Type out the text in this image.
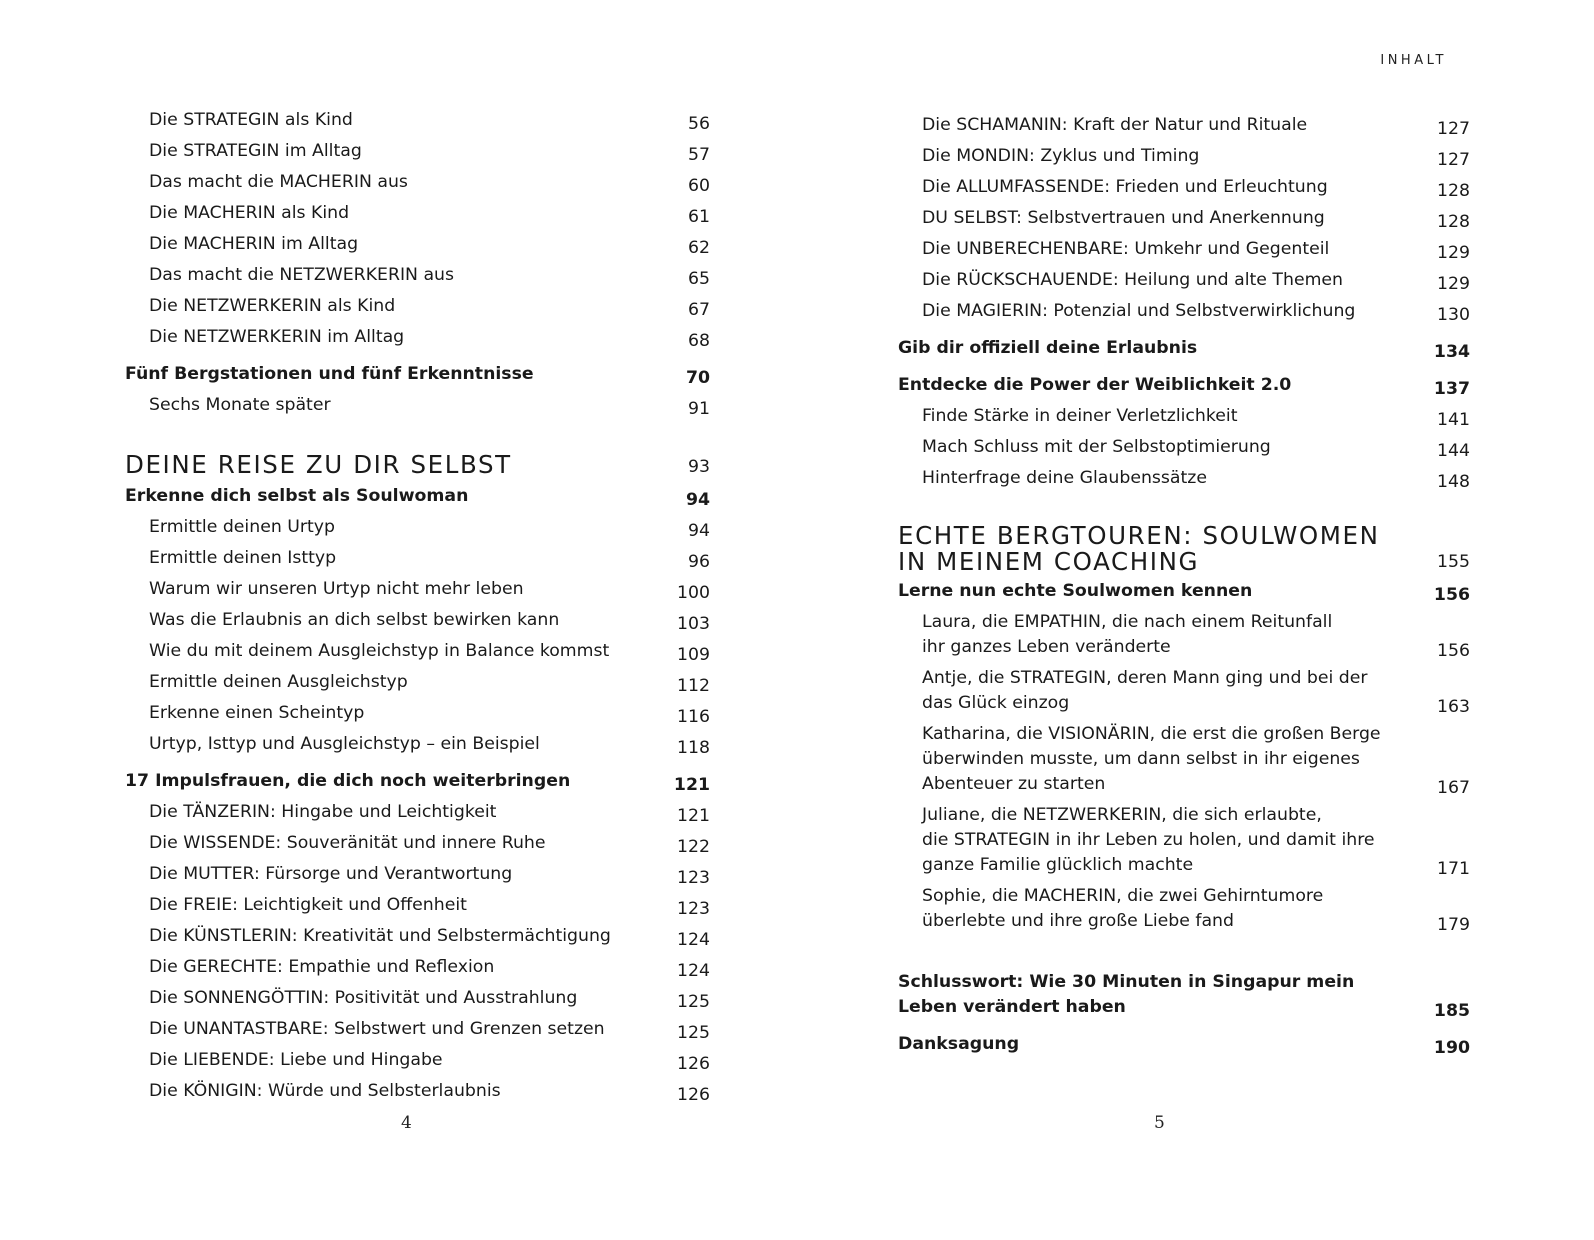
Die STRATEGIN als Kind	56
Die STRATEGIN im Alltag	57
Das macht die MACHERIN aus	60
Die MACHERIN als Kind	61
Die MACHERIN im Alltag	62
Das macht die NETZWERKERIN aus	65
Die NETZWERKERIN als Kind	67
Die NETZWERKERIN im Alltag	68
Fünf Bergstationen und fünf Erkenntnisse	70
Sechs Monate später	91
DEINE REISE ZU DIR SELBST	93
Erkenne dich selbst als Soulwoman	94
Ermittle deinen Urtyp	94
Ermittle deinen Isttyp	96
Warum wir unseren Urtyp nicht mehr leben	100
Was die Erlaubnis an dich selbst bewirken kann	103
Wie du mit deinem Ausgleichstyp in Balance kommst	109
Ermittle deinen Ausgleichstyp	112
Erkenne einen Scheintyp	116
Urtyp, Isttyp und Ausgleichstyp – ein Beispiel	118
17 Impulsfrauen, die dich noch weiterbringen	121
Die TÄNZERIN: Hingabe und Leichtigkeit	121
Die WISSENDE: Souveränität und innere Ruhe	122
Die MUTTER: Fürsorge und Verantwortung	123
Die FREIE: Leichtigkeit und Offenheit	123
Die KÜNSTLERIN: Kreativität und Selbstermächtigung	124
Die GERECHTE: Empathie und Reflexion	124
Die SONNENGÖTTIN: Positivität und Ausstrahlung	125
Die UNANTASTBARE: Selbstwert und Grenzen setzen	125
Die LIEBENDE: Liebe und Hingabe	126
Die KÖNIGIN: Würde und Selbsterlaubnis	126
4
INHALT
Die SCHAMANIN: Kraft der Natur und Rituale	127
Die MONDIN: Zyklus und Timing	127
Die ALLUMFASSENDE: Frieden und Erleuchtung	128
DU SELBST: Selbstvertrauen und Anerkennung	128
Die UNBERECHENBARE: Umkehr und Gegenteil	129
Die RÜCKSCHAUENDE: Heilung und alte Themen	129
Die MAGIERIN: Potenzial und Selbstverwirklichung	130
Gib dir offiziell deine Erlaubnis	134
Entdecke die Power der Weiblichkeit 2.0	137
Finde Stärke in deiner Verletzlichkeit	141
Mach Schluss mit der Selbstoptimierung	144
Hinterfrage deine Glaubenssätze	148
ECHTE BERGTOUREN: SOULWOMEN
IN MEINEM COACHING	155
Lerne nun echte Soulwomen kennen	156
Laura, die EMPATHIN, die nach einem Reitunfall
ihr ganzes Leben veränderte	156
Antje, die STRATEGIN, deren Mann ging und bei der
das Glück einzog	163
Katharina, die VISIONÄRIN, die erst die großen Berge
überwinden musste, um dann selbst in ihr eigenes
Abenteuer zu starten	167
Juliane, die NETZWERKERIN, die sich erlaubte,
die STRATEGIN in ihr Leben zu holen, und damit ihre
ganze Familie glücklich machte	171
Sophie, die MACHERIN, die zwei Gehirntumore
überlebte und ihre große Liebe fand	179
Schlusswort: Wie 30 Minuten in Singapur mein
Leben verändert haben	185
Danksagung	190
5
